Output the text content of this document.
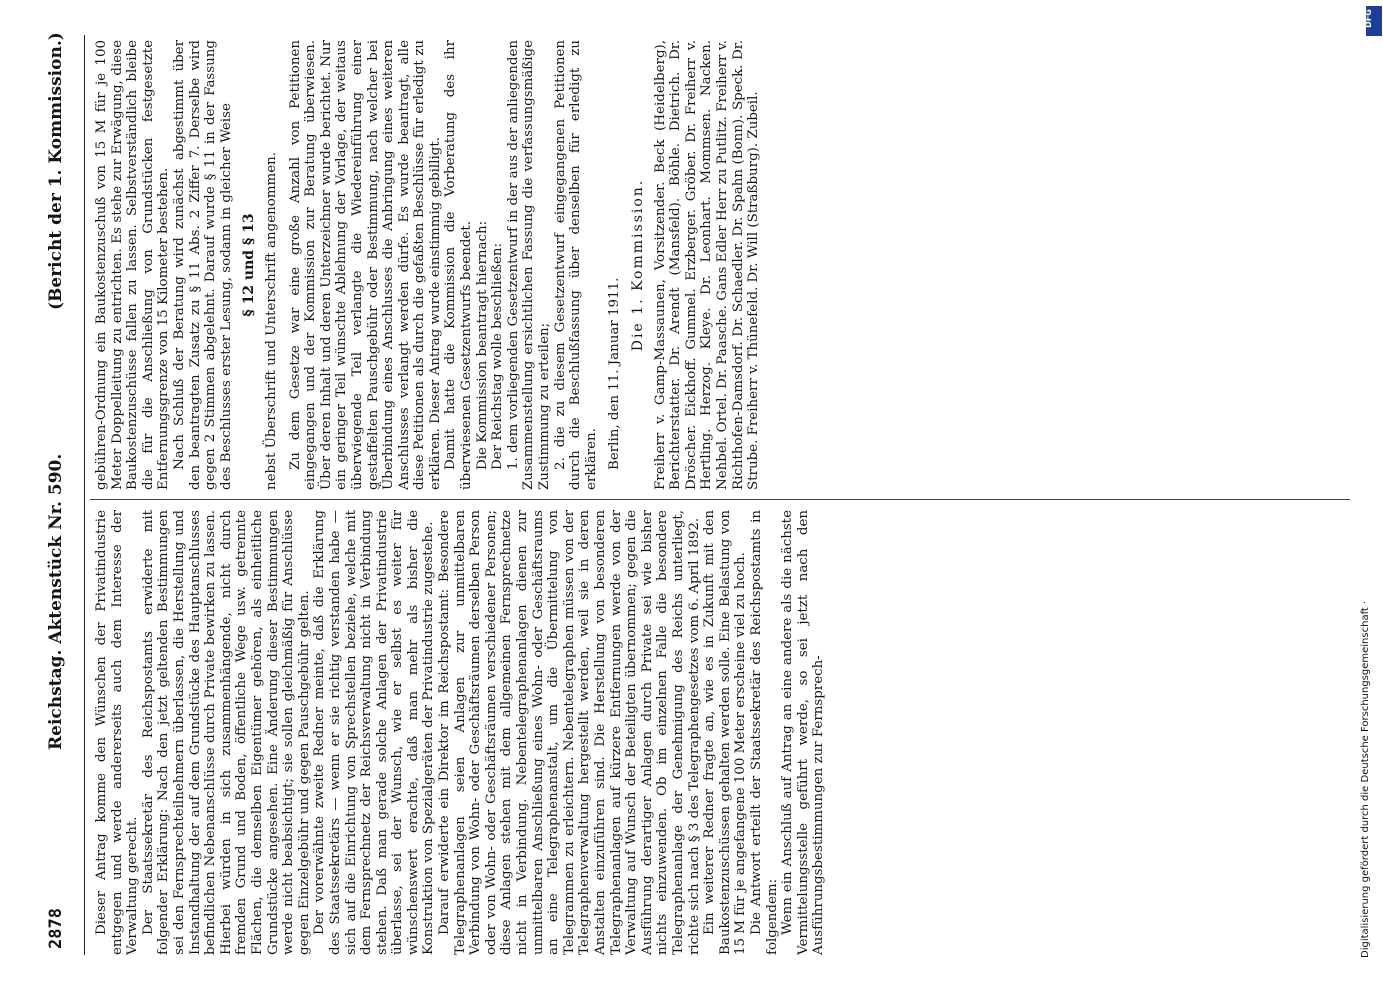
2878
Reichstag. Aktenstück Nr. 590.
(Bericht der 1. Kommission.)

Dieser Antrag komme den Wünschen der Privatindustrie entgegen und werde andererseits auch dem Interesse der Verwaltung gerecht. Der Staatssekretär des Reichspostamts erwiderte mit folgender Erklärung: Nach den jetzt geltenden Bestimmungen sei den Fernsprechteilnehmern überlassen, die Herstellung und Instandhaltung der auf dem Grundstücke des Hauptanschlusses befindlichen Nebenanschlüsse durch Private bewirken zu lassen. Hierbei würden in sich zusammenhängende, nicht durch fremden Grund und Boden, öffentliche Wege usw. getrennte Flächen, die demselben Eigentümer gehören, als einheitliche Grundstücke angesehen. Eine Änderung dieser Bestimmungen werde nicht beabsichtigt; sie sollen gleichmäßig für Anschlüsse gegen Einzelgebühr und gegen Pauschgebühr gelten. Der vorerwähnte zweite Redner meinte, daß die Erklärung des Staatssekretärs — wenn er sie richtig verstanden habe — sich auf die Einrichtung von Sprechstellen beziehe, welche mit dem Fernsprechnetz der Reichsverwaltung nicht in Verbindung stehen. Daß man gerade solche Anlagen der Privatindustrie überlasse, sei der Wunsch, wie er selbst es weiter für wünschenswert erachte, daß man mehr als bisher die Konstruktion von Spezialgeräten der Privatindustrie zugestehe. Darauf erwiderte ein Direktor im Reichspostamt: Besondere Telegraphenanlagen seien Anlagen zur unmittelbaren Verbindung von Wohn- oder Geschäftsräumen derselben Person oder von Wohn- oder Geschäftsräumen verschiedener Personen; diese Anlagen stehen mit dem allgemeinen Fernsprechnetze nicht in Verbindung. Nebentelegraphenanlagen dienen zur unmittelbaren Anschließung eines Wohn- oder Geschäftsraums an eine Telegraphenanstalt, um die Übermittelung von Telegrammen zu erleichtern. Nebentelegraphen müssen von der Telegraphenverwaltung hergestellt werden, weil sie in deren Anstalten einzuführen sind. Die Herstellung von besonderen Telegraphenanlagen auf kürzere Entfernungen werde von der Verwaltung auf Wunsch der Beteiligten übernommen; gegen die Ausführung derartiger Anlagen durch Private sei wie bisher nichts einzuwenden. Ob im einzelnen Falle die besondere Telegraphenanlage der Genehmigung des Reichs unterliegt, richte sich nach § 3 des Telegraphengesetzes vom 6. April 1892. Ein weiterer Redner fragte an, wie es in Zukunft mit den Baukostenzuschüssen gehalten werden solle. Eine Belastung von 15 M für je angefangene 100 Meter erscheine viel zu hoch. Die Antwort erteilt der Staatssekretär des Reichspostamts in folgendem: Wenn ein Anschluß auf Antrag an eine andere als die nächste Vermittelungsstelle geführt werde, so sei jetzt nach den Ausführungsbestimmungen zur Fernsprech-

gebühren-Ordnung ein Baukostenzuschuß von 15 M für je 100 Meter Doppelleitung zu entrichten. Es stehe zur Erwägung, diese Baukostenzuschüsse fallen zu lassen. Selbstverständlich bleibe die für die Anschließung von Grundstücken festgesetzte Entfernungsgrenze von 15 Kilometer bestehen. Nach Schluß der Beratung wird zunächst abgestimmt über den beantragten Zusatz zu § 11 Abs. 2 Ziffer 7. Derselbe wird gegen 2 Stimmen abgelehnt. Darauf wurde § 11 in der Fassung des Beschlusses erster Lesung, sodann in gleicher Weise § 12 und § 13 nebst Überschrift und Unterschrift angenommen. Zu dem Gesetze war eine große Anzahl von Petitionen eingegangen und der Kommission zur Beratung überwiesen. Über deren Inhalt und deren Unterzeichner wurde berichtet. Nur ein geringer Teil wünschte Ablehnung der Vorlage, der weitaus überwiegende Teil verlangte die Wiedereinführung einer gestaffelten Pauschgebühr oder Bestimmung, nach welcher bei Überbindung eines Anschlusses die Anbringung eines weiteren Anschlusses verlangt werden dürfe. Es wurde beantragt, alle diese Petitionen als durch die gefaßten Beschlüsse für erledigt zu erklären. Dieser Antrag wurde einstimmig gebilligt. Damit hatte die Kommission die Vorberatung des ihr überwiesenen Gesetzentwurfs beendet. Die Kommission beantragt hiernach: Der Reichstag wolle beschließen: 1. dem vorliegenden Gesetzentwurf in der aus der anliegenden Zusammenstellung ersichtlichen Fassung die verfassungsmäßige Zustimmung zu erteilen; 2. die zu diesem Gesetzentwurf eingegangenen Petitionen durch die Beschlußfassung über denselben für erledigt zu erklären. Berlin, den 11. Januar 1911.

Die 1. Kommission. Freiherr v. Gamp-Massaunen, Vorsitzender. Beck (Heidelberg), Berichterstatter. Dr. Arendt (Mansfeld). Böhle. Dietrich. Dr. Dröscher. Eickhoff. Gummel. Erzberger. Gröber. Dr. Freiherr v. Hertling. Herzog. Kleye. Dr. Leonhart. Mommsen. Nacken. Nehbel. Ortel. Dr. Paasche. Gans Edler Herr zu Putlitz. Freiherr v. Richthofen-Damsdorf. Dr. Schaedler. Dr. Spahn (Bonn). Speck. Dr. Strube. Freiherr v. Thünefeld. Dr. Will (Straßburg). Zubeil.

Digitalisierung gefördert durch die Deutsche Forschungsgemeinschaft ·
DFG
